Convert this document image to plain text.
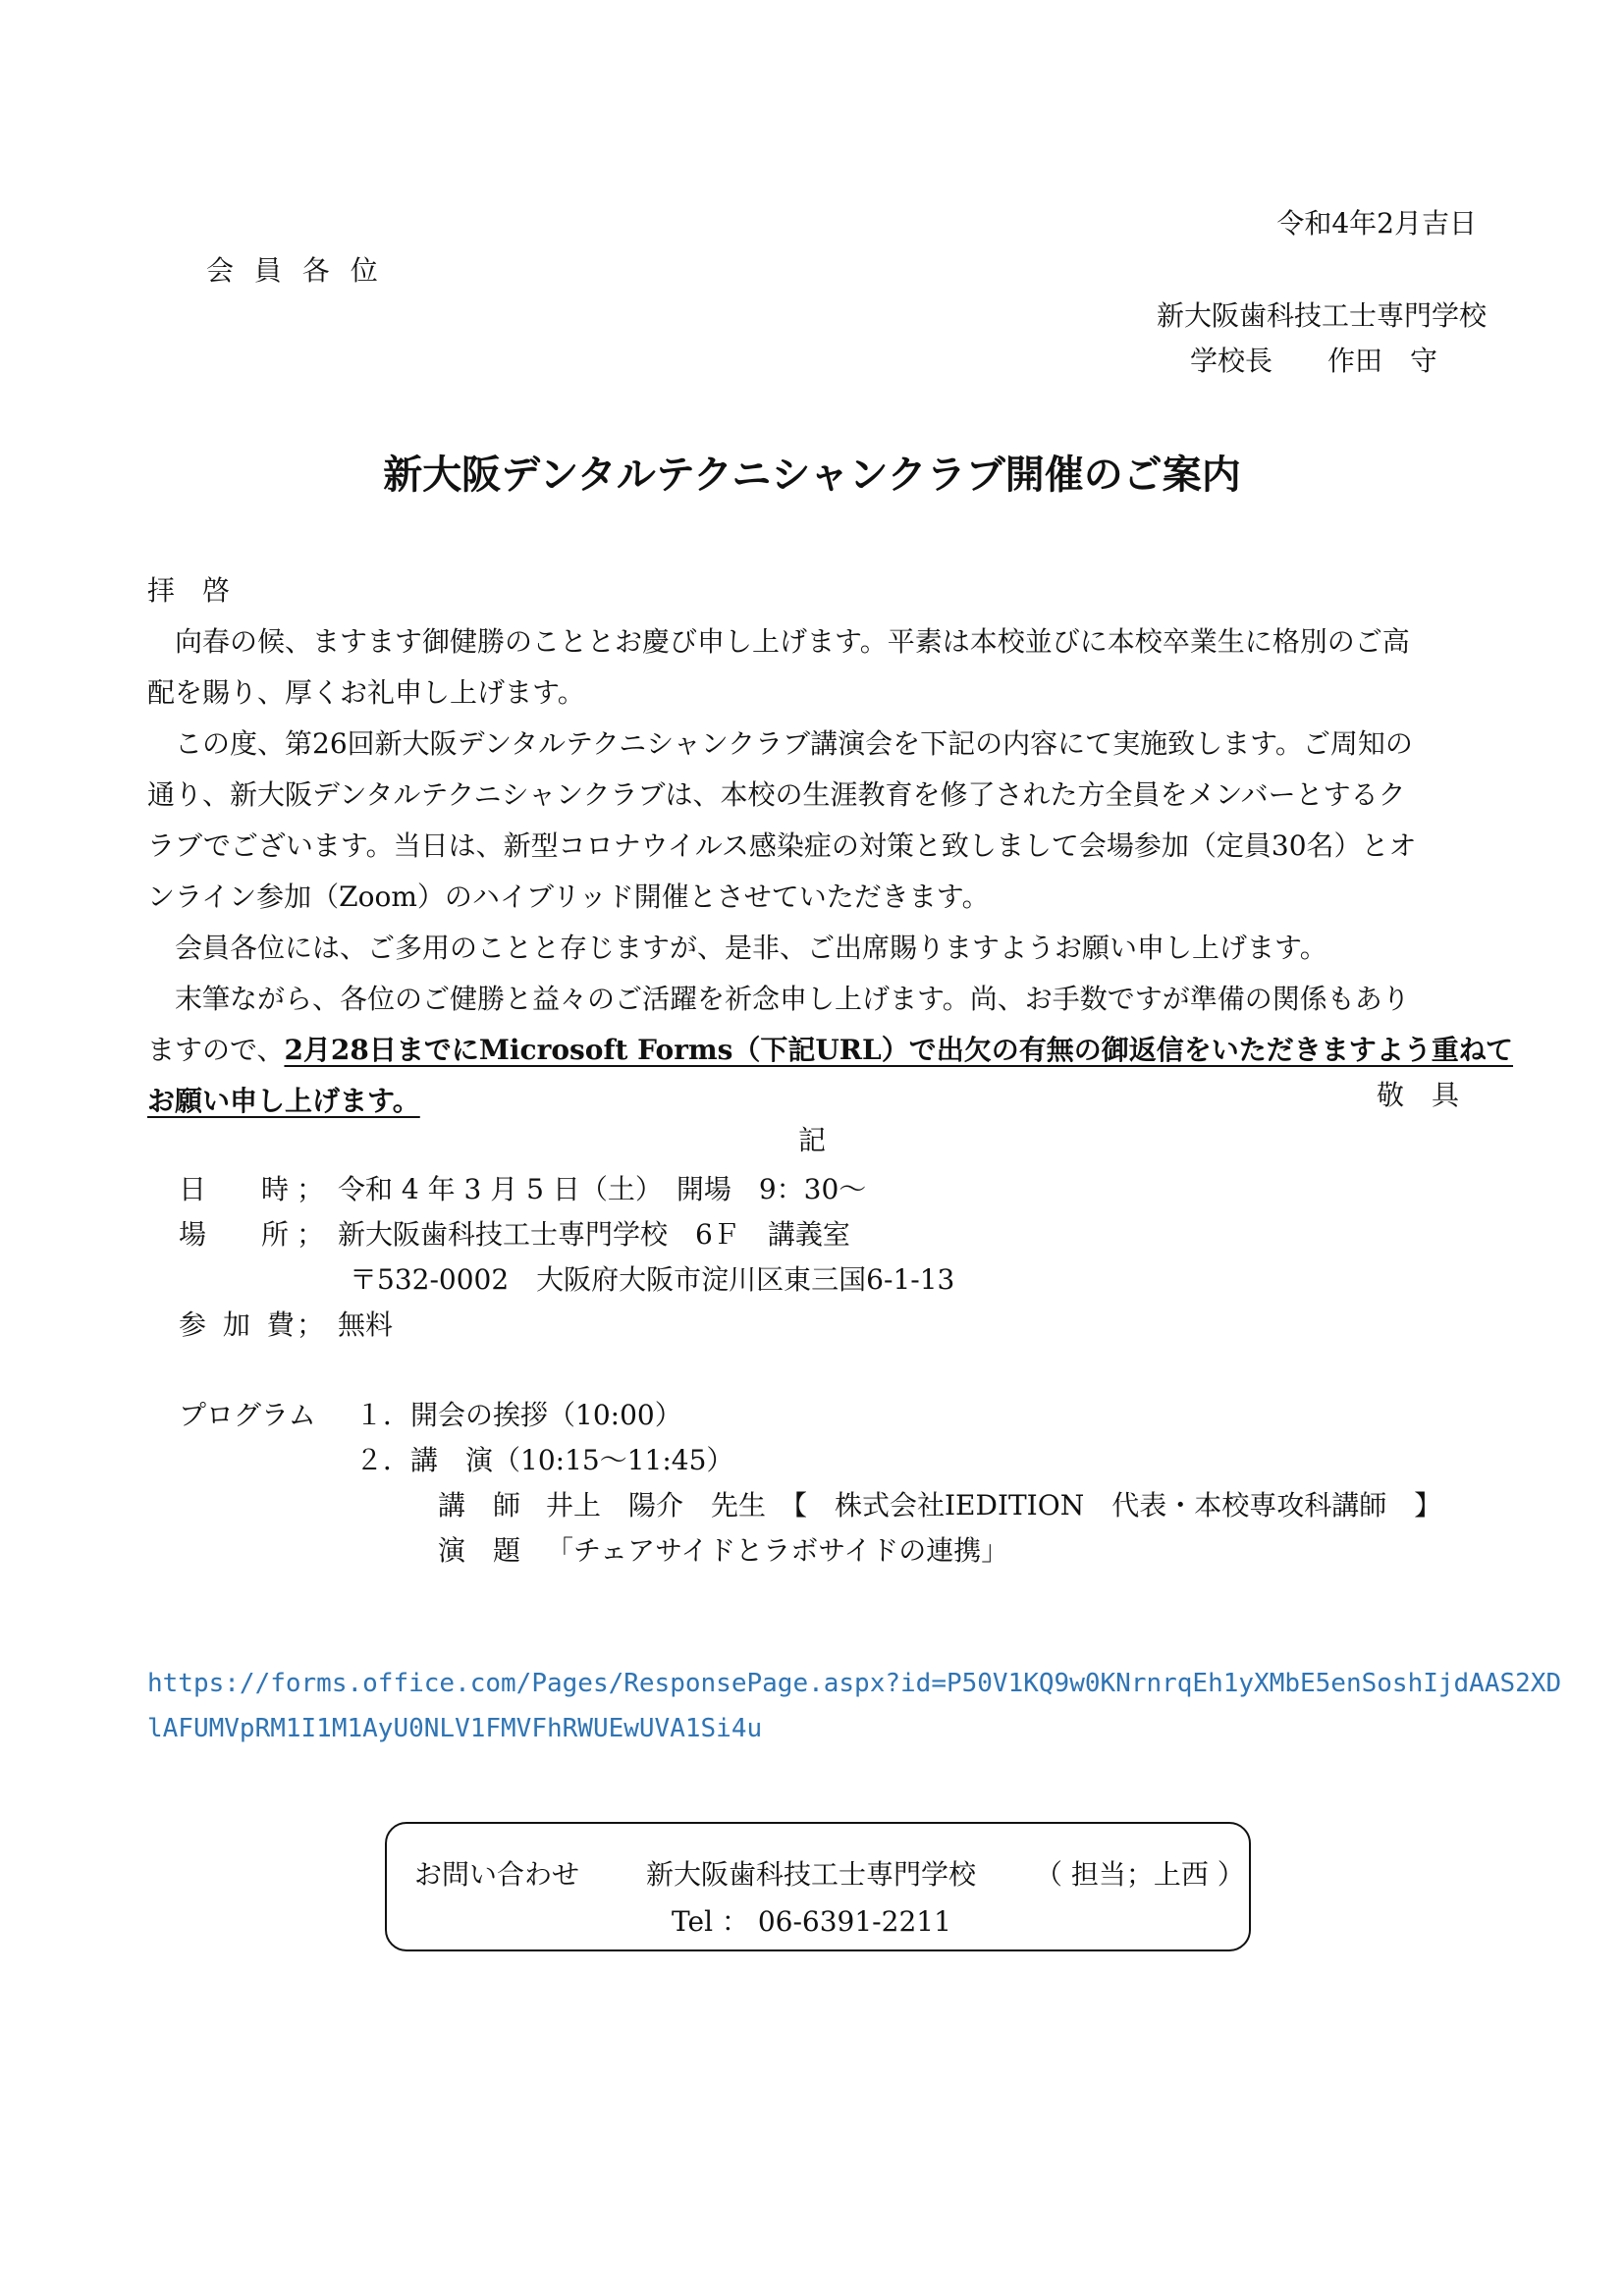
令和4年2月吉日
会 員 各 位
新大阪歯科技工士専門学校
学校長　　作田　守
新大阪デンタルテクニシャンクラブ開催のご案内

拝　啓

向春の候、ますます御健勝のこととお慶び申し上げます。平素は本校並びに本校卒業生に格別のご高

配を賜り、厚くお礼申し上げます。

この度、第26回新大阪デンタルテクニシャンクラブ講演会を下記の内容にて実施致します。ご周知の

通り、新大阪デンタルテクニシャンクラブは、本校の生涯教育を修了された方全員をメンバーとするク

ラブでございます。当日は、新型コロナウイルス感染症の対策と致しまして会場参加（定員30名）とオ

ンライン参加（Zoom）のハイブリッド開催とさせていただきます。

会員各位には、ご多用のことと存じますが、是非、ご出席賜りますようお願い申し上げます。

末筆ながら、各位のご健勝と益々のご活躍を祈念申し上げます。尚、お手数ですが準備の関係もあり

ますので、2月28日までにMicrosoft Forms（下記URL）で出欠の有無の御返信をいただきますよう重ねて

お願い申し上げます。	敬　具
記
日　　時 ； 令和 4 年 3 月 5 日（土）　開場　9：30〜
場　　所 ； 新大阪歯科技工士専門学校　6Ｆ　講義室
〒532-0002　大阪府大阪市淀川区東三国6-1-13
参 加 費
； 無料
プログラム １．開会の挨拶（10:00）
２．講　演（10:15〜11:45）
講　師 井上　陽介　先生　【　株式会社IEDITION　代表・本校専攻科講師　】
演　題 「チェアサイドとラボサイドの連携」
https://forms.office.com/Pages/ResponsePage.aspx?id=P50V1KQ9w0KNrnrqEh1yXMbE5enSoshIjdAAS2XD
lAFUMVpRM1I1M1AyU0NLV1FMVFhRWUEwUVA1Si4u
お問い合わせ 新大阪歯科技工士専門学校 （ 担当；上西 ）
Tel ： 06-6391-2211
